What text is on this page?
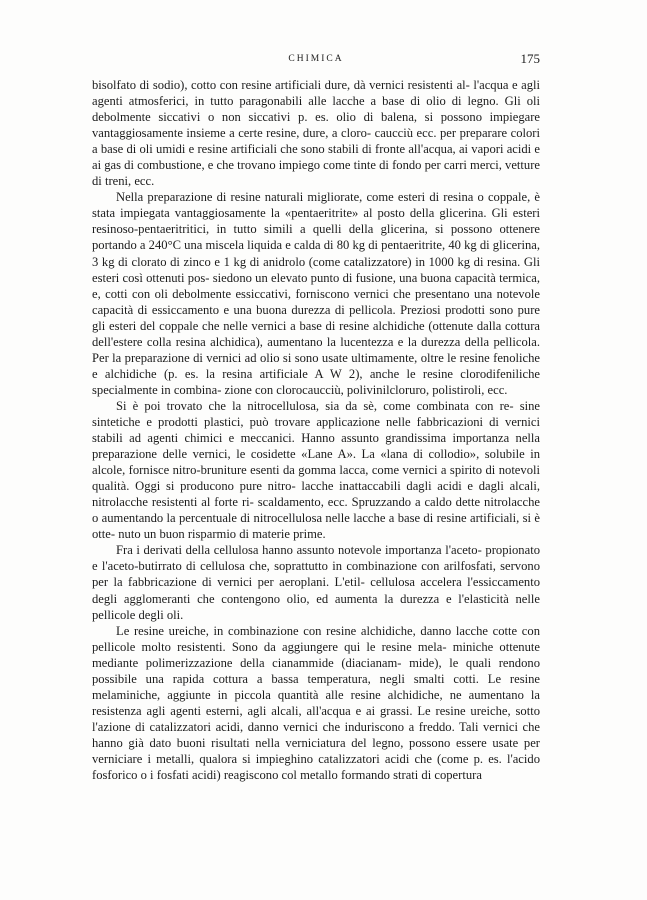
CHIMICA	175

bisolfato di sodio), cotto con resine artificiali dure, dà vernici resistenti al- l'acqua e agli agenti atmosferici, in tutto paragonabili alle lacche a base di olio di legno. Gli oli debolmente siccativi o non siccativi p. es. olio di balena, si possono impiegare vantaggiosamente insieme a certe resine, dure, a cloro- caucciù ecc. per preparare colori a base di oli umidi e resine artificiali che sono stabili di fronte all'acqua, ai vapori acidi e ai gas di combustione, e che trovano impiego come tinte di fondo per carri merci, vetture di treni, ecc.

Nella preparazione di resine naturali migliorate, come esteri di resina o coppale, è stata impiegata vantaggiosamente la «pentaeritrite» al posto della glicerina. Gli esteri resinoso-pentaeritritici, in tutto simili a quelli della glicerina, si possono ottenere portando a 240°C una miscela liquida e calda di 80 kg di pentaeritrite, 40 kg di glicerina, 3 kg di clorato di zinco e 1 kg di anidrolo (come catalizzatore) in 1000 kg di resina. Gli esteri così ottenuti pos- siedono un elevato punto di fusione, una buona capacità termica, e, cotti con oli debolmente essiccativi, forniscono vernici che presentano una notevole capacità di essiccamento e una buona durezza di pellicola. Preziosi prodotti sono pure gli esteri del coppale che nelle vernici a base di resine alchidiche (ottenute dalla cottura dell'estere colla resina alchidica), aumentano la lucentezza e la durezza della pellicola. Per la preparazione di vernici ad olio si sono usate ultimamente, oltre le resine fenoliche e alchidiche (p. es. la resina artificiale A W 2), anche le resine clorodifeniliche specialmente in combina- zione con clorocaucciù, polivinilcloruro, polistiroli, ecc.

Si è poi trovato che la nitrocellulosa, sia da sè, come combinata con re- sine sintetiche e prodotti plastici, può trovare applicazione nelle fabbricazioni di vernici stabili ad agenti chimici e meccanici. Hanno assunto grandissima importanza nella preparazione delle vernici, le cosidette «Lane A». La «lana di collodio», solubile in alcole, fornisce nitro-bruniture esenti da gomma lacca, come vernici a spirito di notevoli qualità. Oggi si producono pure nitro- lacche inattaccabili dagli acidi e dagli alcali, nitrolacche resistenti al forte ri- scaldamento, ecc. Spruzzando a caldo dette nitrolacche o aumentando la percentuale di nitrocellulosa nelle lacche a base di resine artificiali, si è otte- nuto un buon risparmio di materie prime.

Fra i derivati della cellulosa hanno assunto notevole importanza l'aceto- propionato e l'aceto-butirrato di cellulosa che, soprattutto in combinazione con arilfosfati, servono per la fabbricazione di vernici per aeroplani. L'etil- cellulosa accelera l'essiccamento degli agglomeranti che contengono olio, ed aumenta la durezza e l'elasticità nelle pellicole degli oli.

Le resine ureiche, in combinazione con resine alchidiche, danno lacche cotte con pellicole molto resistenti. Sono da aggiungere qui le resine mela- miniche ottenute mediante polimerizzazione della cianammide (diacianam- mide), le quali rendono possibile una rapida cottura a bassa temperatura, negli smalti cotti. Le resine melaminiche, aggiunte in piccola quantità alle resine alchidiche, ne aumentano la resistenza agli agenti esterni, agli alcali, all'acqua e ai grassi. Le resine ureiche, sotto l'azione di catalizzatori acidi, danno vernici che induriscono a freddo. Tali vernici che hanno già dato buoni risultati nella verniciatura del legno, possono essere usate per verniciare i metalli, qualora si impieghino catalizzatori acidi che (come p. es. l'acido fosforico o i fosfati acidi) reagiscono col metallo formando strati di copertura
